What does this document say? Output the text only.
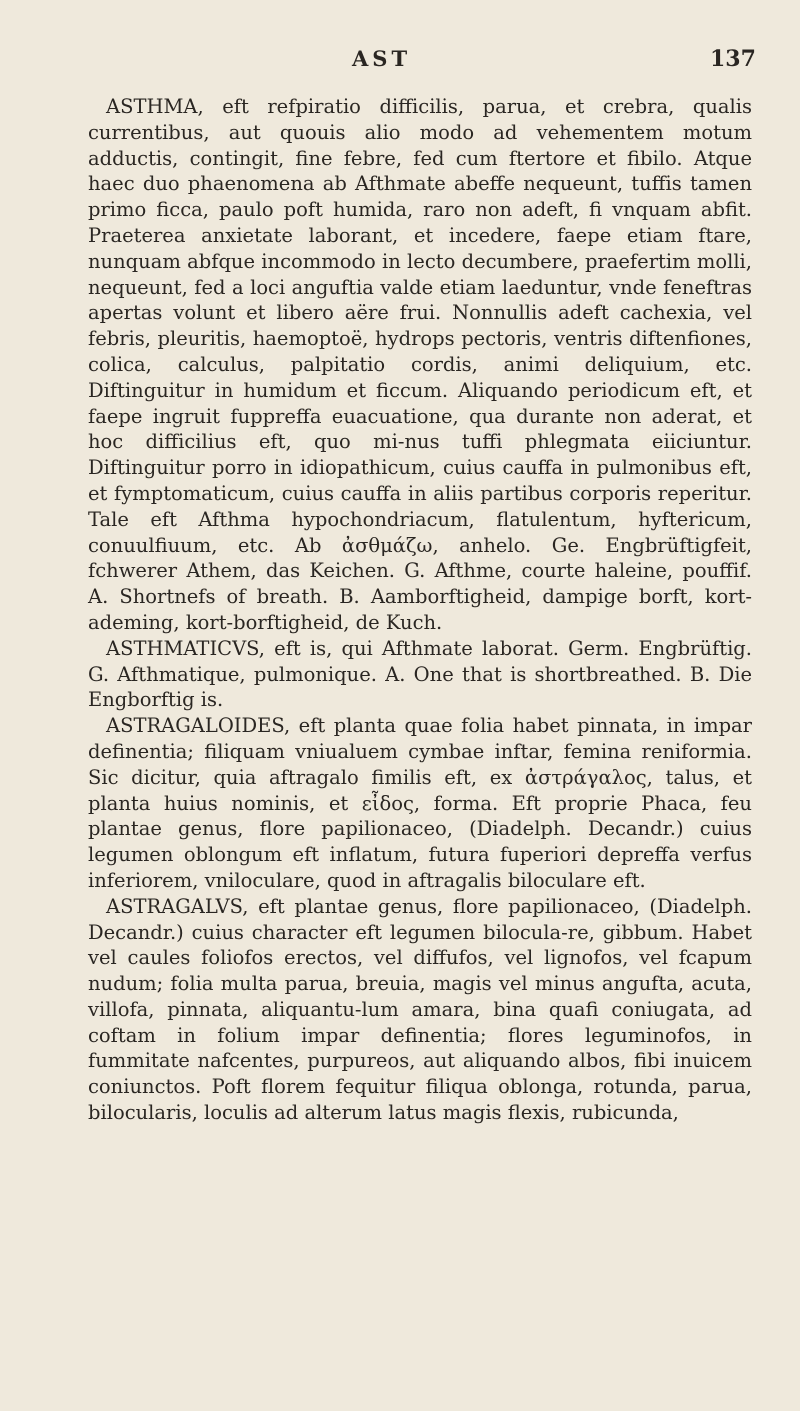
AST	137

ASTHMA, eft refpiratio difficilis, parua, et crebra, qualis currentibus, aut quouis alio modo ad vehementem motum adductis, contingit, fine febre, fed cum ftertore et fibilo. Atque haec duo phaenomena ab Afthmate abeffe nequeunt, tuffis tamen primo ficca, paulo poft humida, raro non adeft, fi vnquam abfit. Praeterea anxietate laborant, et incedere, faepe etiam ftare, nunquam abfque incommodo in lecto decumbere, praefertim molli, nequeunt, fed a loci anguftia valde etiam laeduntur, vnde feneftras apertas volunt et libero aëre frui. Nonnullis adeft cachexia, vel febris, pleuritis, haemoptoë, hydrops pectoris, ventris diftenfiones, colica, calculus, palpitatio cordis, animi deliquium, etc. Diftinguitur in humidum et ficcum. Aliquando periodicum eft, et faepe ingruit fuppreffa euacuatione, qua durante non aderat, et hoc difficilius eft, quo mi-nus tuffi phlegmata eiiciuntur. Diftinguitur porro in idiopathicum, cuius cauffa in pulmonibus eft, et fymptomaticum, cuius cauffa in aliis partibus corporis reperitur. Tale eft Afthma hypochondriacum, flatulentum, hyftericum, conuulfiuum, etc. Ab ἀσθμάζω, anhelo. Ge. Engbrüftigfeit, fchwerer Athem, das Keichen. G. Afthme, courte haleine, pouffif. A. Shortnefs of breath. B. Aamborftigheid, dampige borft, kort-ademing, kort-borftigheid, de Kuch.

ASTHMATICVS, eft is, qui Afthmate laborat. Germ. Engbrüftig. G. Afthmatique, pulmonique. A. One that is shortbreathed. B. Die Engborftig is.

ASTRAGALOIDES, eft planta quae folia habet pinnata, in impar definentia; filiquam vniualuem cymbae inftar, femina reniformia. Sic dicitur, quia aftragalo fimilis eft, ex ἀστράγαλος, talus, et planta huius nominis, et εἶδος, forma. Eft proprie Phaca, feu plantae genus, flore papilionaceo, (Diadelph. Decandr.) cuius legumen oblongum eft inflatum, futura fuperiori depreffa verfus inferiorem, vniloculare, quod in aftragalis biloculare eft.

ASTRAGALVS, eft plantae genus, flore papilionaceo, (Diadelph. Decandr.) cuius character eft legumen bilocula-re, gibbum. Habet vel caules foliofos erectos, vel diffufos, vel lignofos, vel fcapum nudum; folia multa parua, breuia, magis vel minus angufta, acuta, villofa, pinnata, aliquantu-lum amara, bina quafi coniugata, ad coftam in folium impar definentia; flores leguminofos, in fummitate nafcentes, purpureos, aut aliquando albos, fibi inuicem coniunctos. Poft florem fequitur filiqua oblonga, rotunda, parua, bilocularis, loculis ad alterum latus magis flexis, rubicunda,
